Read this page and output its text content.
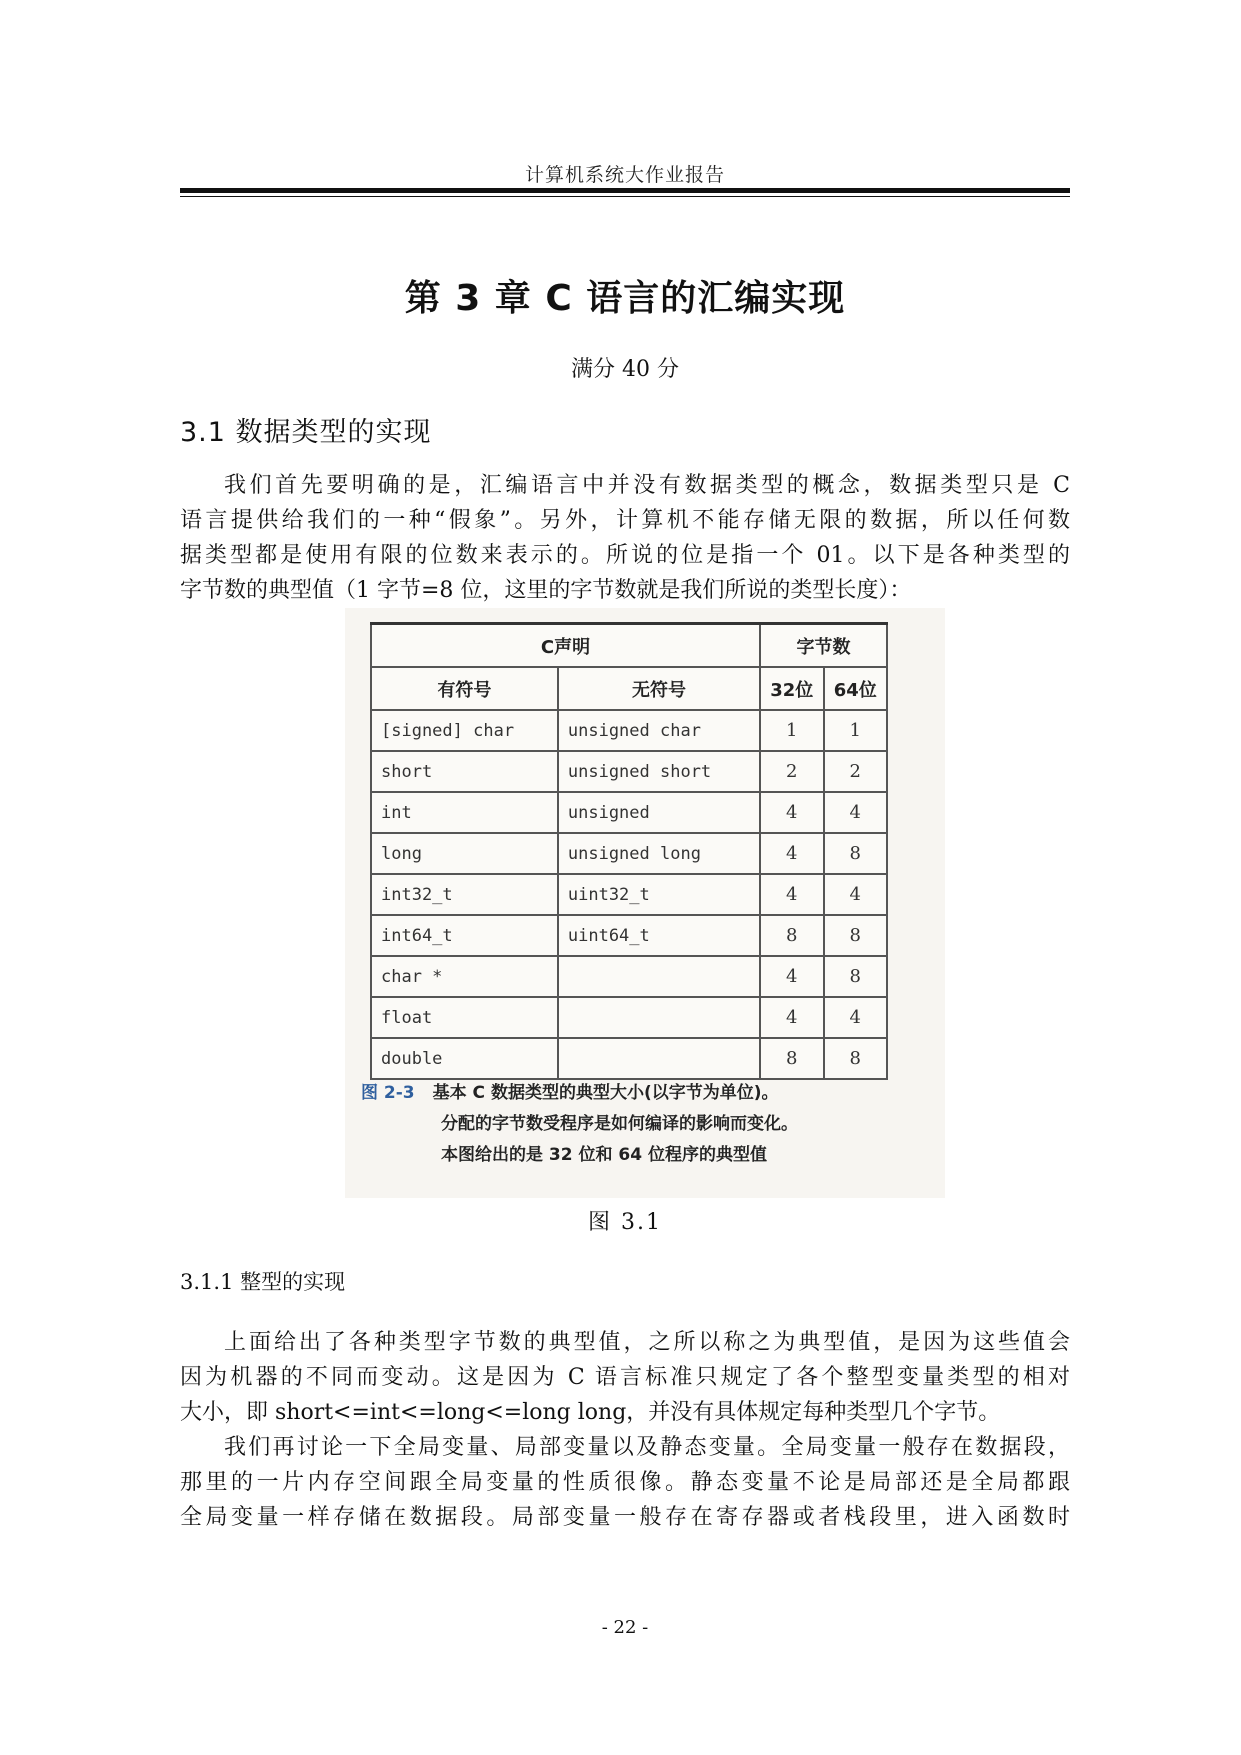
计算机系统大作业报告
第 3 章 C 语言的汇编实现
满分 40 分
3.1 数据类型的实现
我们首先要明确的是，汇编语言中并没有数据类型的概念，数据类型只是 C
语言提供给我们的一种“假象”。另外，计算机不能存储无限的数据，所以任何数
据类型都是使用有限的位数来表示的。所说的位是指一个 01。以下是各种类型的
字节数的典型值（1 字节=8 位，这里的字节数就是我们所说的类型长度）：
C声明		字节数	
有符号	无符号	32位	64位
[signed] char	unsigned char	1	1
short	unsigned short	2	2
int	unsigned	4	4
long	unsigned long	4	8
int32_t	uint32_t	4	4
int64_t	uint64_t	8	8
char *		4	8
float		4	4
double		8	8
图 2-3 基本 C 数据类型的典型大小(以字节为单位)。
分配的字节数受程序是如何编译的影响而变化。
本图给出的是 32 位和 64 位程序的典型值
图 3.1
3.1.1 整型的实现
上面给出了各种类型字节数的典型值，之所以称之为典型值，是因为这些值会
因为机器的不同而变动。这是因为 C 语言标准只规定了各个整型变量类型的相对
大小，即 short<=int<=long<=long long，并没有具体规定每种类型几个字节。
我们再讨论一下全局变量、局部变量以及静态变量。全局变量一般存在数据段，
那里的一片内存空间跟全局变量的性质很像。静态变量不论是局部还是全局都跟
全局变量一样存储在数据段。局部变量一般存在寄存器或者栈段里，进入函数时
- 22 -
